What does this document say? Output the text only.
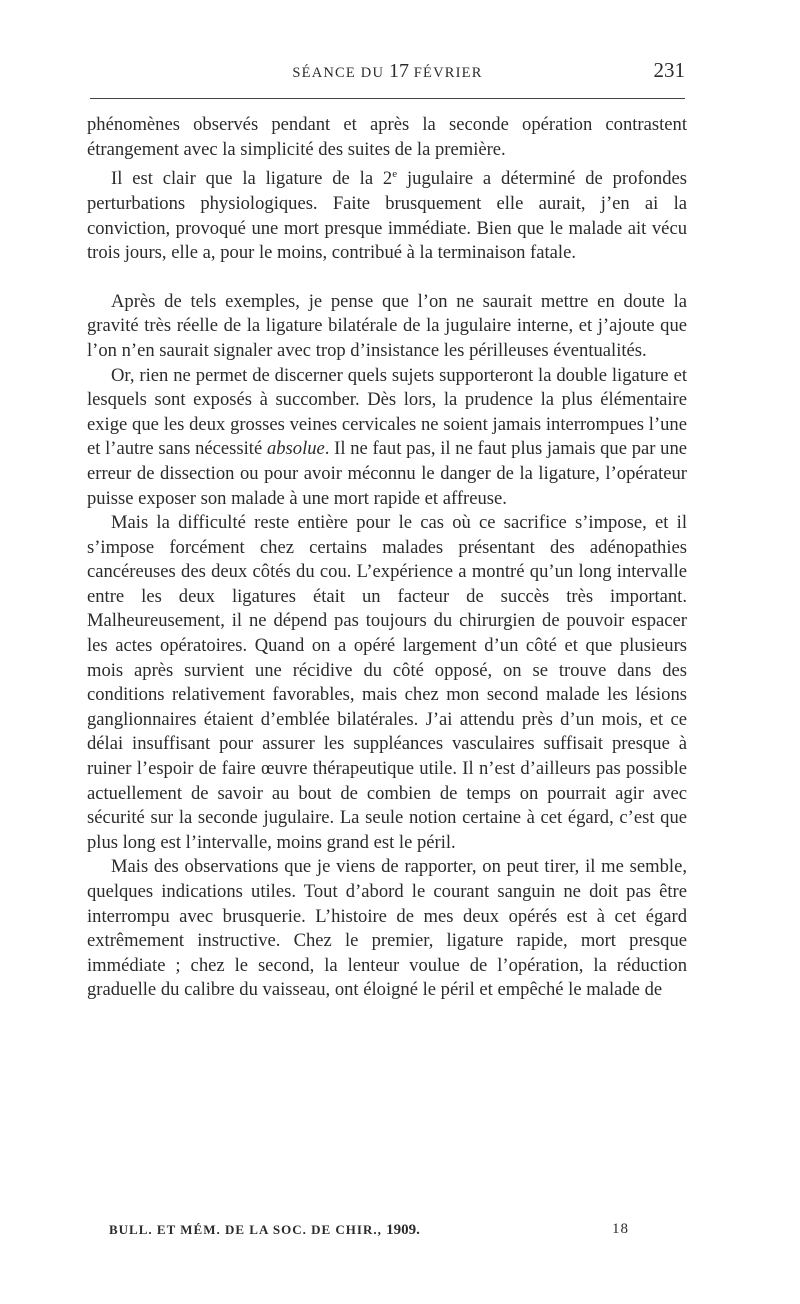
SÉANCE DU 17 FÉVRIER	231

phénomènes observés pendant et après la seconde opération contrastent étrangement avec la simplicité des suites de la première.

Il est clair que la ligature de la 2e jugulaire a déterminé de profondes perturbations physiologiques. Faite brusquement elle aurait, j’en ai la conviction, provoqué une mort presque immédiate. Bien que le malade ait vécu trois jours, elle a, pour le moins, contribué à la terminaison fatale.

Après de tels exemples, je pense que l’on ne saurait mettre en doute la gravité très réelle de la ligature bilatérale de la jugulaire interne, et j’ajoute que l’on n’en saurait signaler avec trop d’insistance les périlleuses éventualités.

Or, rien ne permet de discerner quels sujets supporteront la double ligature et lesquels sont exposés à succomber. Dès lors, la prudence la plus élémentaire exige que les deux grosses veines cervicales ne soient jamais interrompues l’une et l’autre sans nécessité absolue. Il ne faut pas, il ne faut plus jamais que par une erreur de dissection ou pour avoir méconnu le danger de la ligature, l’opérateur puisse exposer son malade à une mort rapide et affreuse.

Mais la difficulté reste entière pour le cas où ce sacrifice s’impose, et il s’impose forcément chez certains malades présentant des adénopathies cancéreuses des deux côtés du cou. L’expérience a montré qu’un long intervalle entre les deux ligatures était un facteur de succès très important. Malheureusement, il ne dépend pas toujours du chirurgien de pouvoir espacer les actes opératoires. Quand on a opéré largement d’un côté et que plusieurs mois après survient une récidive du côté opposé, on se trouve dans des conditions relativement favorables, mais chez mon second malade les lésions ganglionnaires étaient d’emblée bilatérales. J’ai attendu près d’un mois, et ce délai insuffisant pour assurer les suppléances vasculaires suffisait presque à ruiner l’espoir de faire œuvre thérapeutique utile. Il n’est d’ailleurs pas possible actuellement de savoir au bout de combien de temps on pourrait agir avec sécurité sur la seconde jugulaire. La seule notion certaine à cet égard, c’est que plus long est l’intervalle, moins grand est le péril.

Mais des observations que je viens de rapporter, on peut tirer, il me semble, quelques indications utiles. Tout d’abord le courant sanguin ne doit pas être interrompu avec brusquerie. L’histoire de mes deux opérés est à cet égard extrêmement instructive. Chez le premier, ligature rapide, mort presque immédiate ; chez le second, la lenteur voulue de l’opération, la réduction graduelle du calibre du vaisseau, ont éloigné le péril et empêché le malade de

BULL. ET MÉM. DE LA SOC. DE CHIR., 1909.	18
